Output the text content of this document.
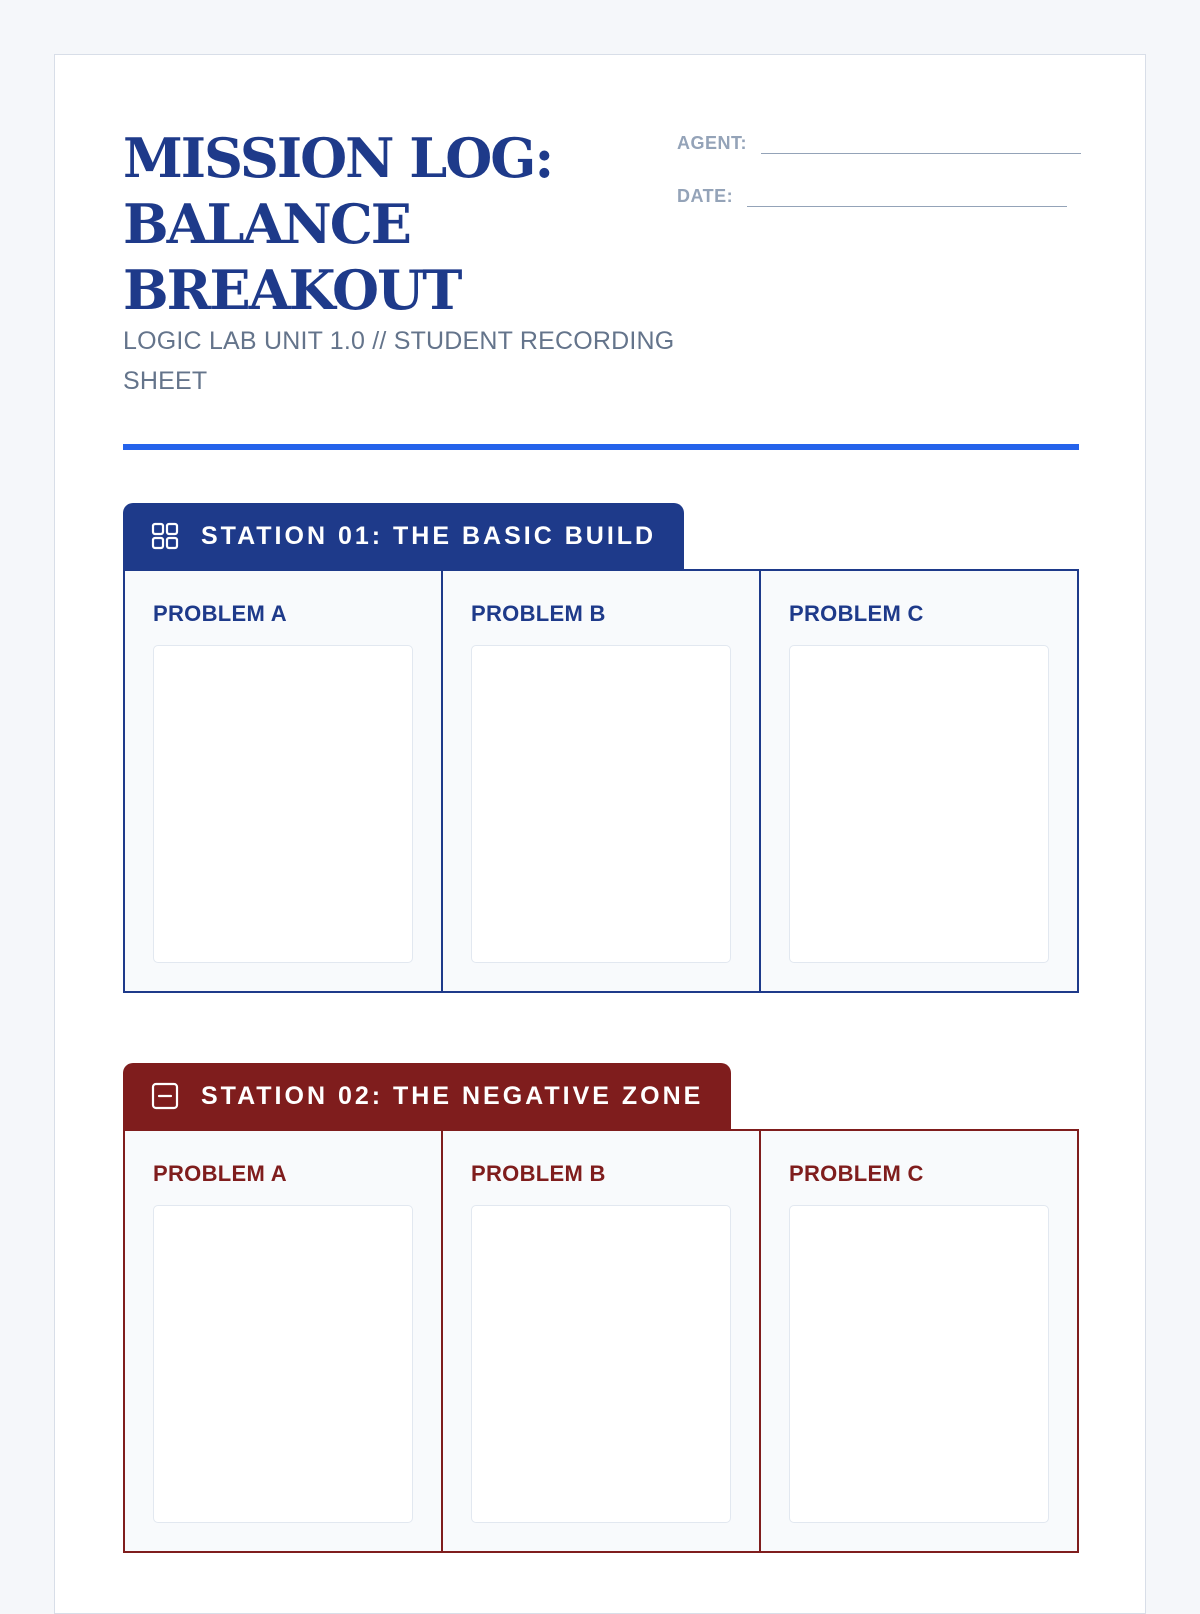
MISSION LOG:
BALANCE
BREAKOUT

LOGIC LAB UNIT 1.0 // STUDENT RECORDING SHEET

AGENT:
DATE:
STATION 01: THE BASIC BUILD
PROBLEM A	PROBLEM B	PROBLEM C
STATION 02: THE NEGATIVE ZONE
PROBLEM A	PROBLEM B	PROBLEM C
